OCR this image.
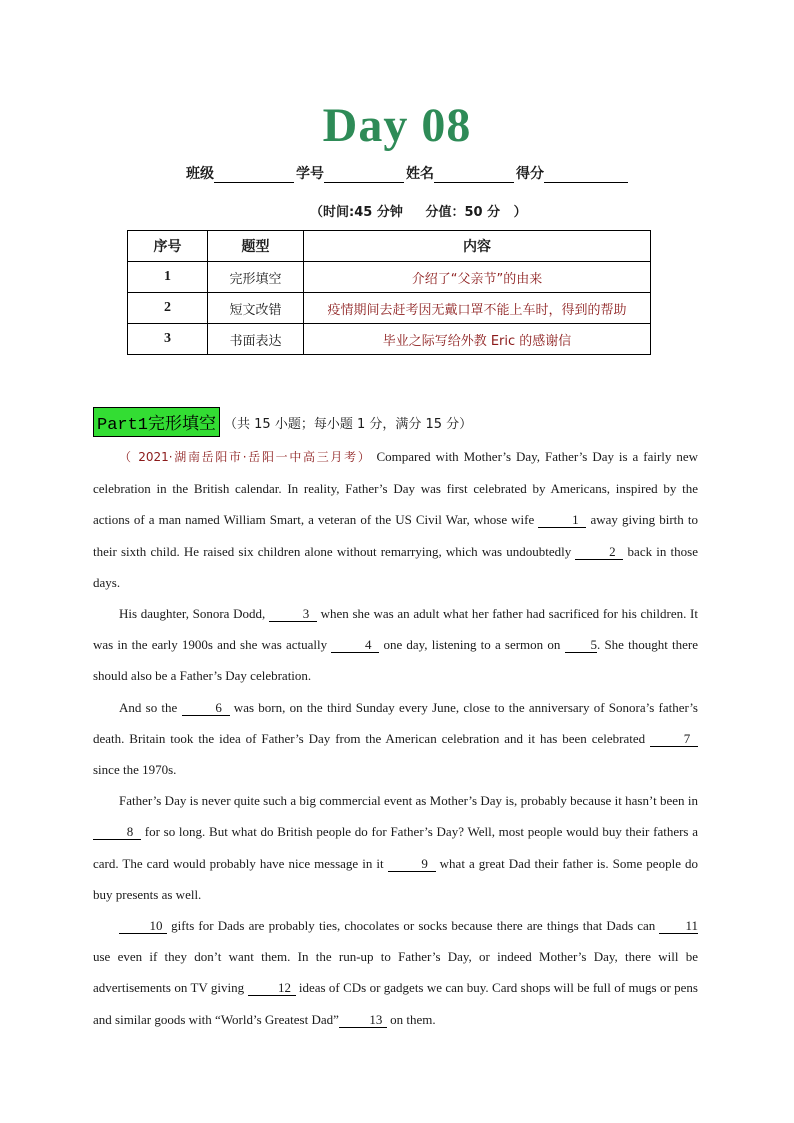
Day 08
班级	学号	姓名	得分
（时间:45 分钟 分值：50 分 ）
序号	题型	内容
1	完形填空	介绍了“父亲节”的由来
2	短文改错	疫情期间去赶考因无戴口罩不能上车时，得到的帮助
3	书面表达	毕业之际写给外教 Eric 的感谢信
Part1完形填空 （共 15 小题；每小题 1 分，满分 15 分）

（ 2021·湖南岳阳市·岳阳一中高三月考） Compared with Mother’s Day, Father’s Day is a fairly new celebration in the British calendar. In reality, Father’s Day was first celebrated by Americans, inspired by the actions of a man named William Smart, a veteran of the US Civil War, whose wife	1 away giving birth to their sixth child. He raised six children alone without remarrying, which was undoubtedly	2 back in those days.

His daughter, Sonora Dodd,	3 when she was an adult what her father had sacrificed for his children. It was in the early 1900s and she was actually	4 one day, listening to a sermon on 5. She thought there should also be a Father’s Day celebration.

And so the	6 was born, on the third Sunday every June, close to the anniversary of Sonora’s father’s death. Britain took the idea of Father’s Day from the American celebration and it has been celebrated	7 since the 1970s.

Father’s Day is never quite such a big commercial event as Mother’s Day is, probably because it hasn’t been in 8 for so long. But what do British people do for Father’s Day? Well, most people would buy their fathers a card. The card would probably have nice message in it	9 what a great Dad their father is. Some people do buy presents as well.

10 gifts for Dads are probably ties, chocolates or socks because there are things that Dads can 11 use even if they don’t want them. In the run-up to Father’s Day, or indeed Mother’s Day, there will be advertisements on TV giving 12 ideas of CDs or gadgets we can buy. Card shops will be full of mugs or pens and similar goods with “World’s Greatest Dad” 13 on them.
